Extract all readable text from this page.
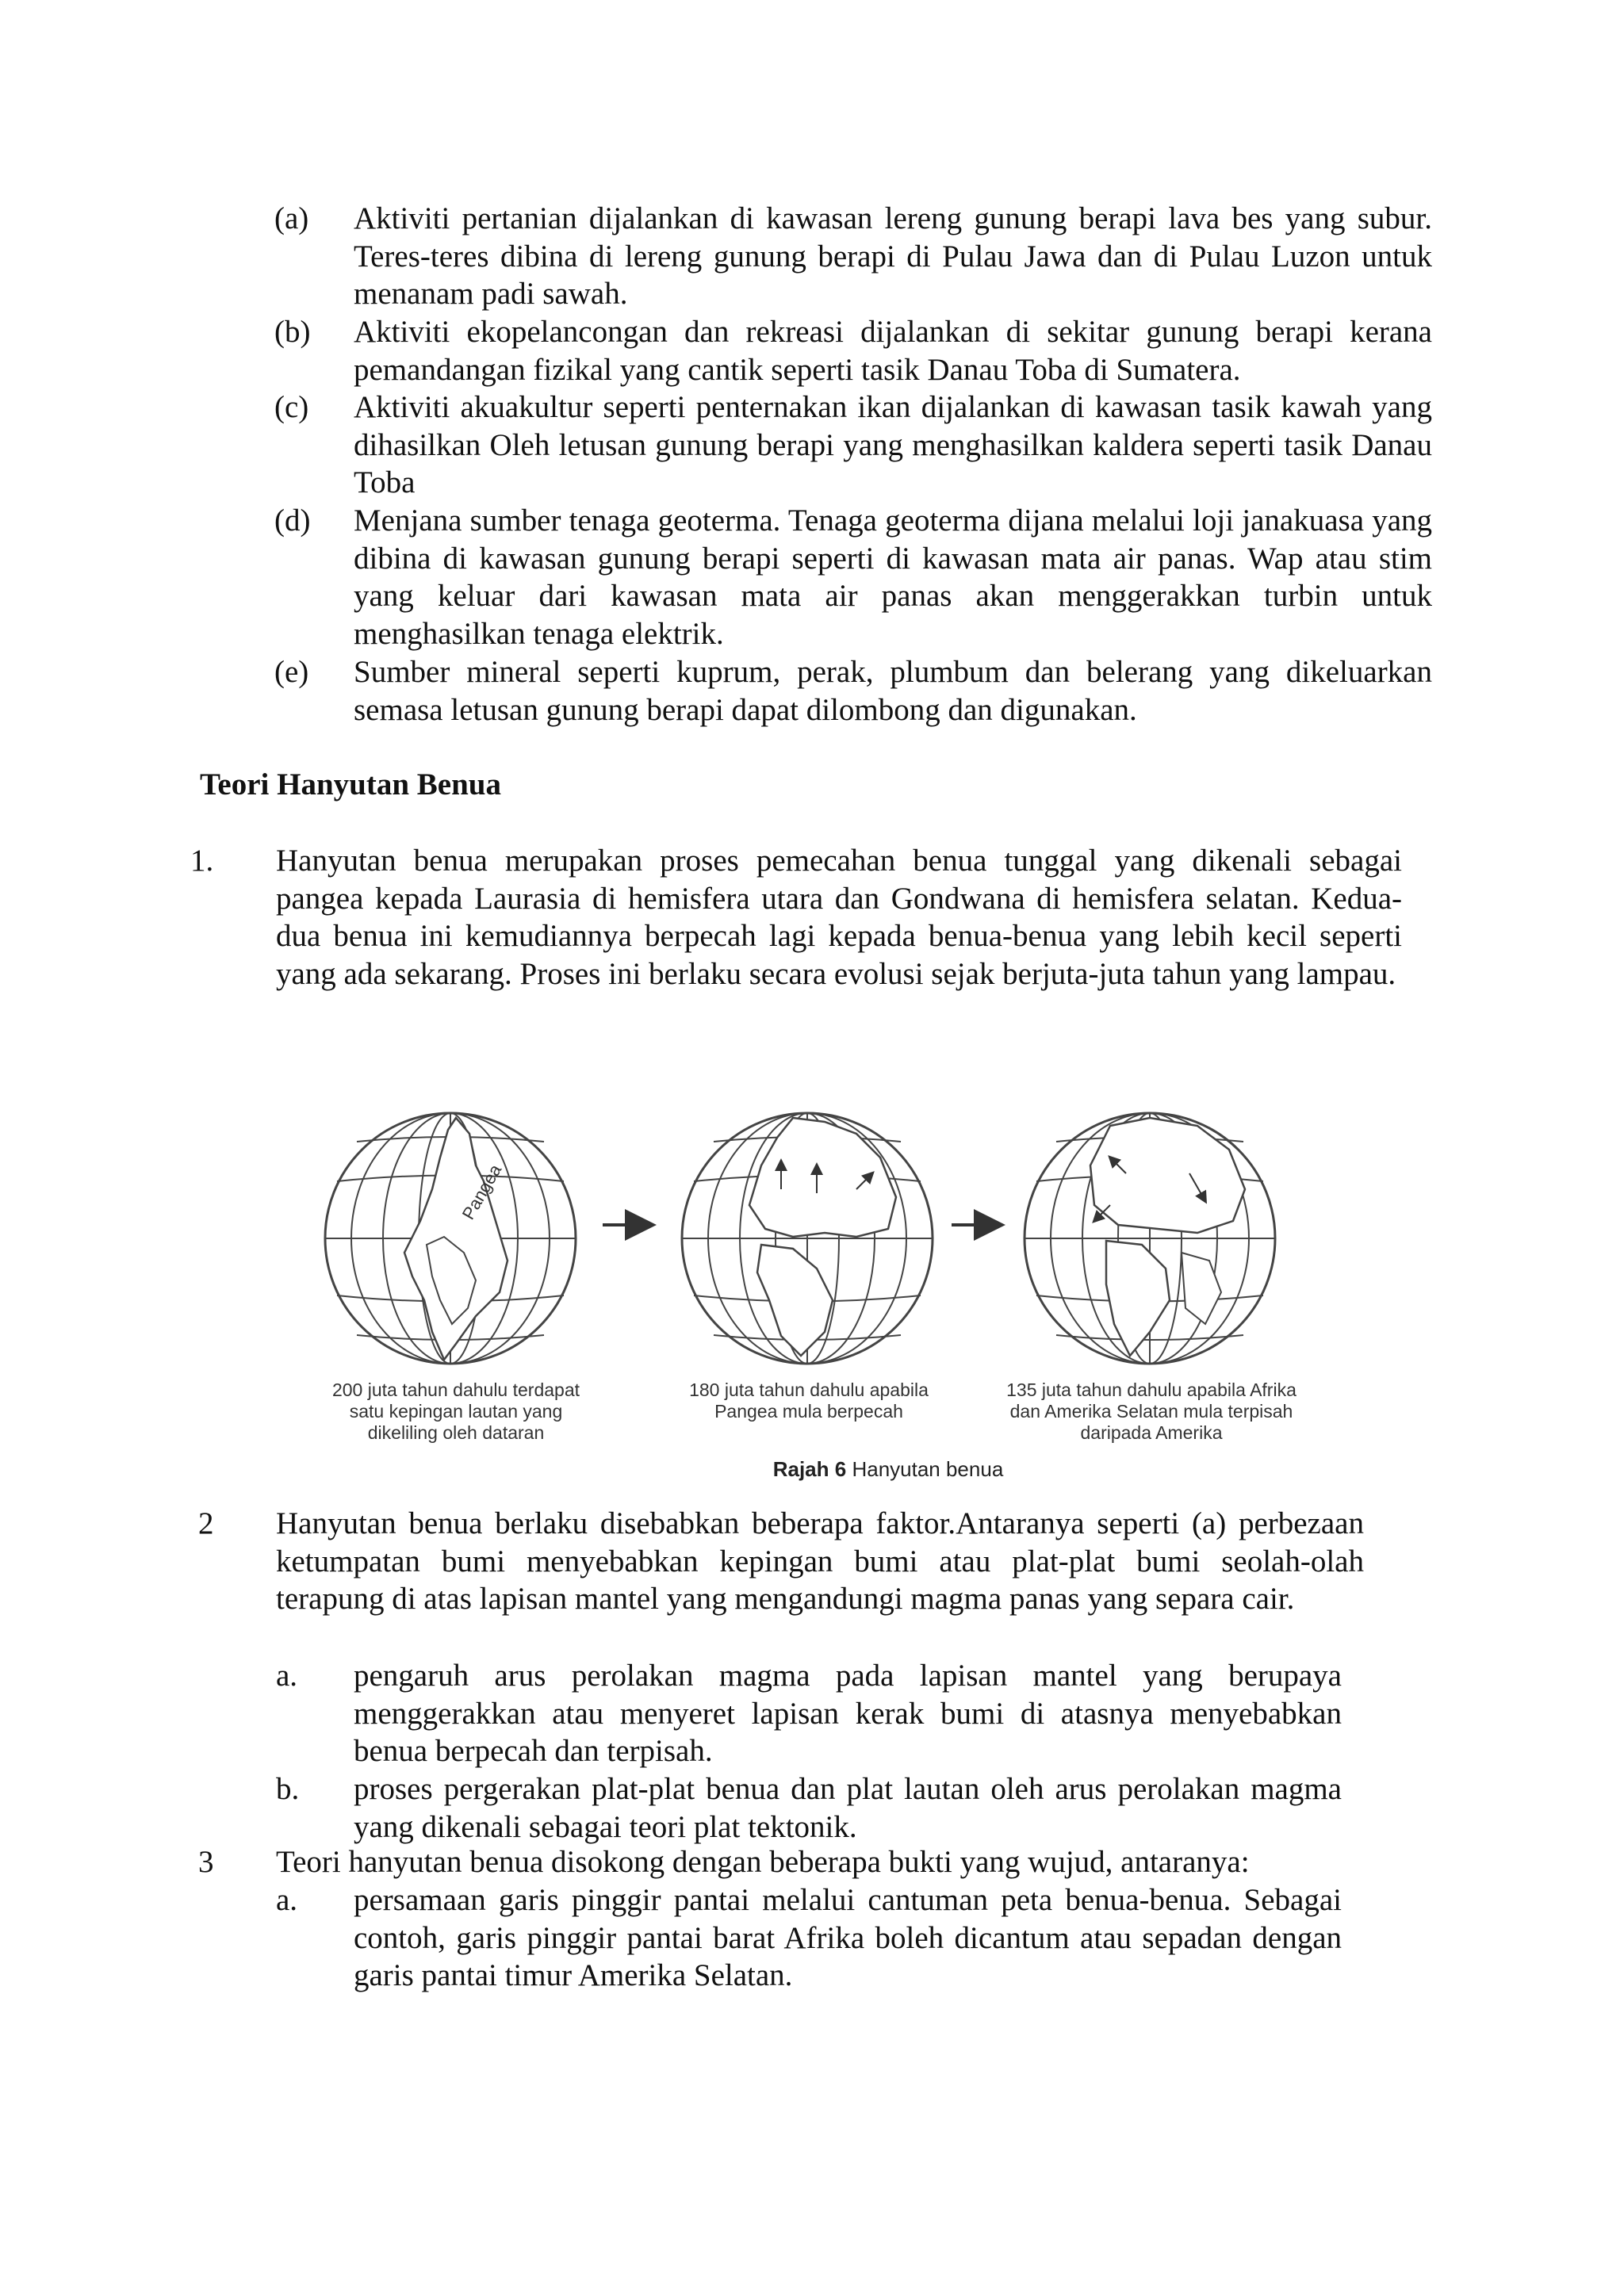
(a) Aktiviti pertanian dijalankan di kawasan lereng gunung berapi lava bes yang subur. Teres-teres dibina di lereng gunung berapi di Pulau Jawa dan di Pulau Luzon untuk menanam padi sawah.
(b) Aktiviti ekopelancongan dan rekreasi dijalankan di sekitar gunung berapi kerana pemandangan fizikal yang cantik seperti tasik Danau Toba di Sumatera.
(c) Aktiviti akuakultur seperti penternakan ikan dijalankan di kawasan tasik kawah yang dihasilkan Oleh letusan gunung berapi yang menghasilkan kaldera seperti tasik Danau Toba
(d) Menjana sumber tenaga geoterma. Tenaga geoterma dijana melalui loji janakuasa yang dibina di kawasan gunung berapi seperti di kawasan mata air panas. Wap atau stim yang keluar dari kawasan mata air panas akan menggerakkan turbin untuk menghasilkan tenaga elektrik.
(e) Sumber mineral seperti kuprum, perak, plumbum dan belerang yang dikeluarkan semasa letusan gunung berapi dapat dilombong dan digunakan.
Teori Hanyutan Benua
1. Hanyutan benua merupakan proses pemecahan benua tunggal yang dikenali sebagai pangea kepada Laurasia di hemisfera utara dan Gondwana di hemisfera selatan. Kedua-dua benua ini kemudiannya berpecah lagi kepada benua-benua yang lebih kecil seperti yang ada sekarang. Proses ini berlaku secara evolusi sejak berjuta-juta tahun yang lampau.
Pangea
200 juta tahun dahulu terdapat satu kepingan lautan yang dikeliling oleh dataran
180 juta tahun dahulu apabila Pangea mula berpecah
135 juta tahun dahulu apabila Afrika dan Amerika Selatan mula terpisah daripada Amerika
Rajah 6 Hanyutan benua
2 Hanyutan benua berlaku disebabkan beberapa faktor.Antaranya seperti (a) perbezaan ketumpatan bumi menyebabkan kepingan bumi atau plat-plat bumi seolah-olah terapung di atas lapisan mantel yang mengandungi magma panas yang separa cair.
a. pengaruh arus perolakan magma pada lapisan mantel yang berupaya menggerakkan atau menyeret lapisan kerak bumi di atasnya menyebabkan benua berpecah dan terpisah.
b. proses pergerakan plat-plat benua dan plat lautan oleh arus perolakan magma yang dikenali sebagai teori plat tektonik.
3 Teori hanyutan benua disokong dengan beberapa bukti yang wujud, antaranya:
a. persamaan garis pinggir pantai melalui cantuman peta benua-benua. Sebagai contoh, garis pinggir pantai barat Afrika boleh dicantum atau sepadan dengan garis pantai timur Amerika Selatan.
